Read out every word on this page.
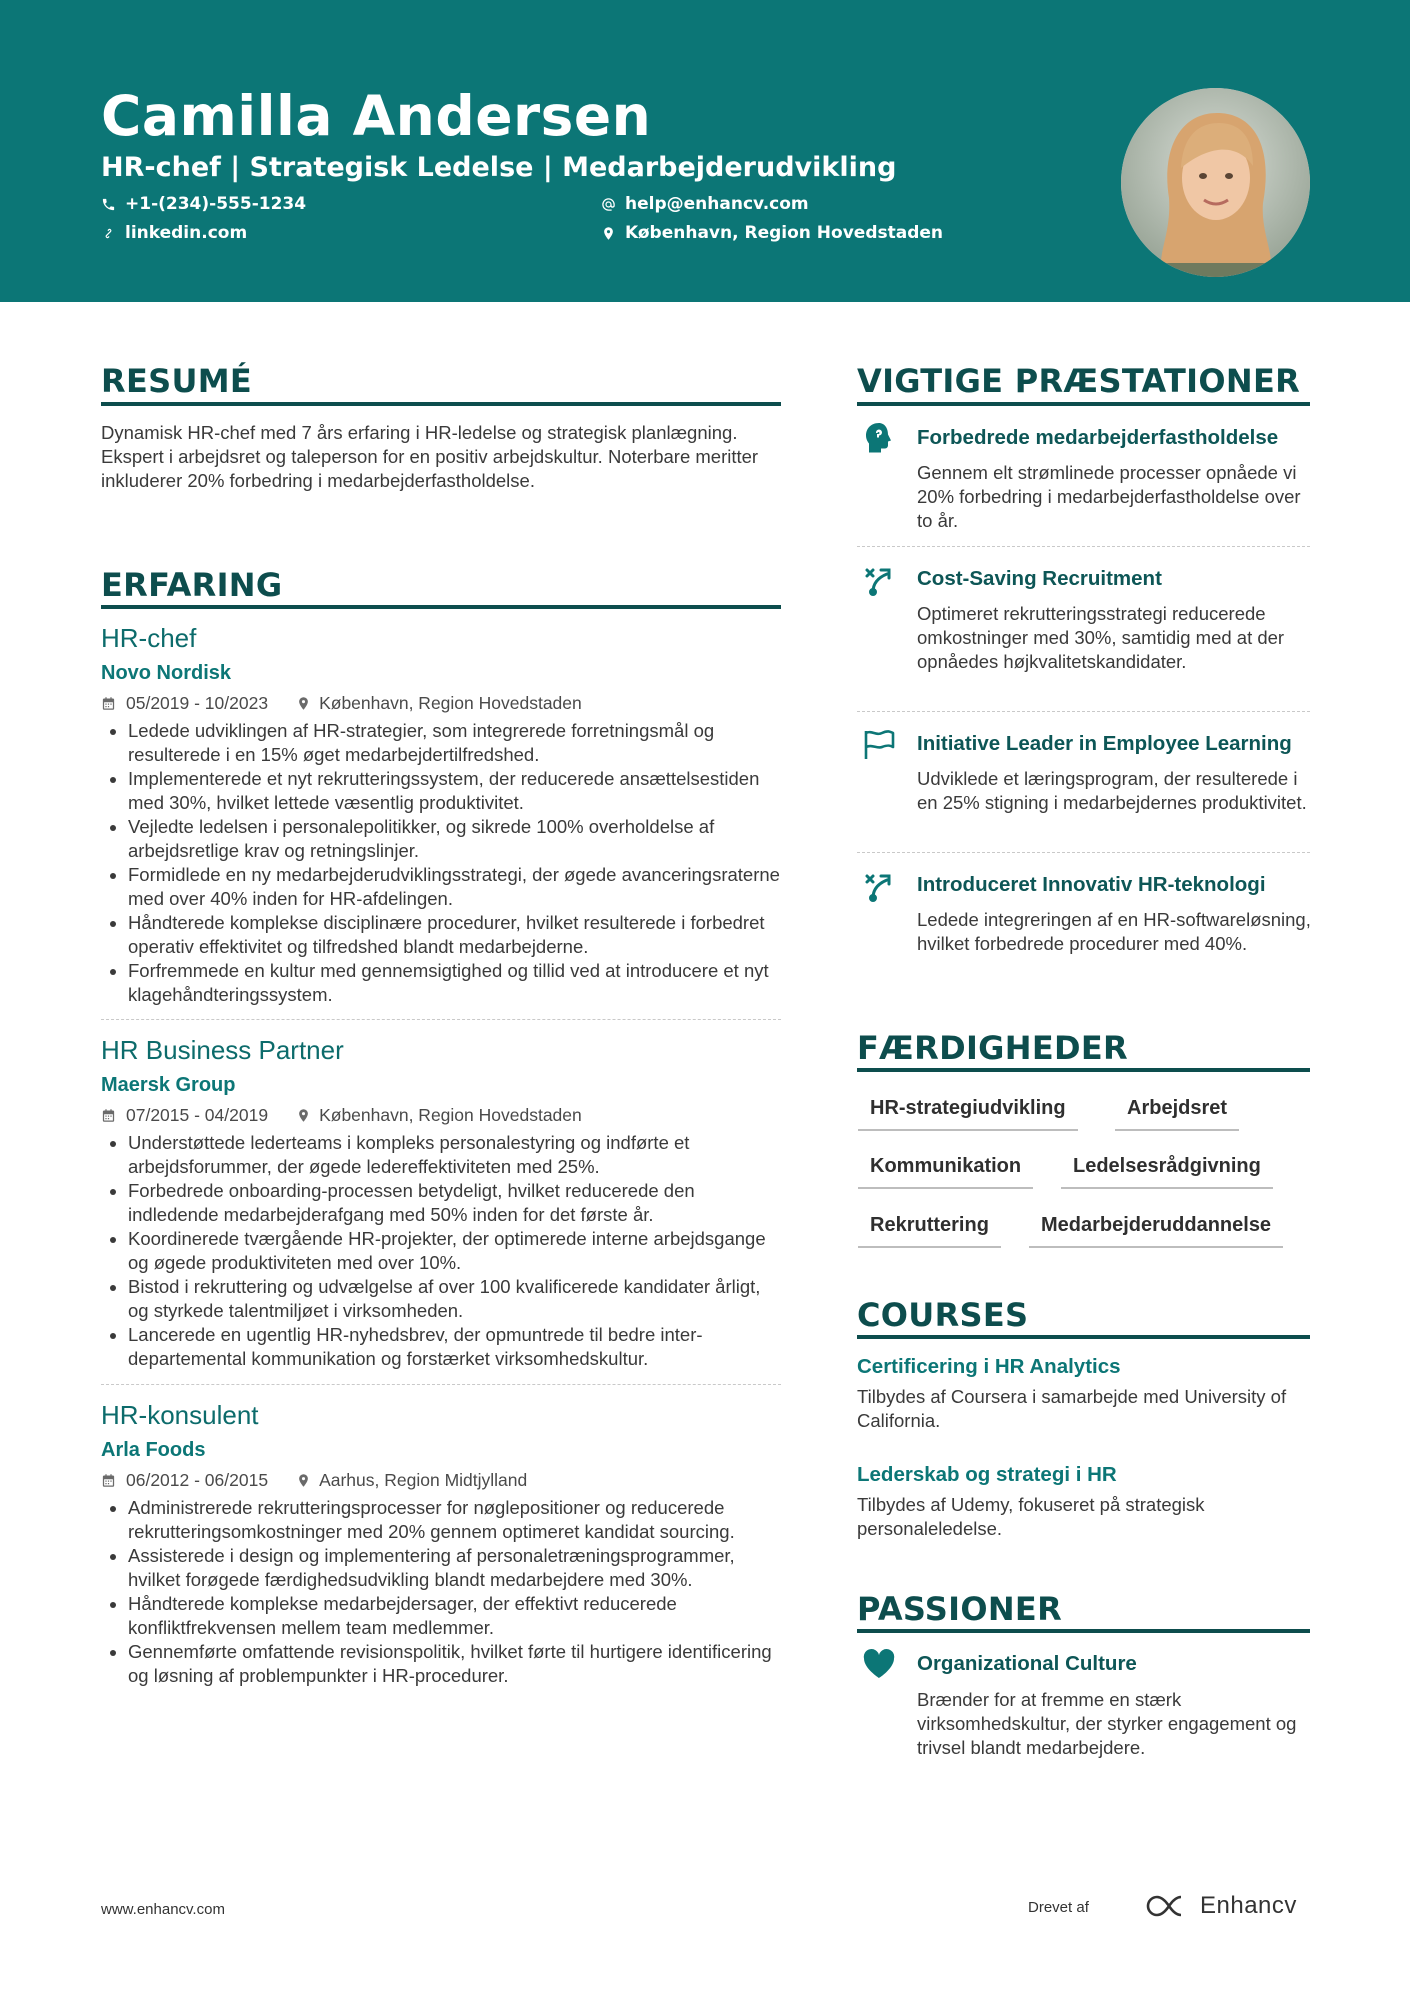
Camilla Andersen
HR-chef | Strategisk Ledelse | Medarbejderudvikling
+1-(234)-555-1234	help@enhancv.com
linkedin.com	København, Region Hovedstaden
RESUMÉ
Dynamisk HR-chef med 7 års erfaring i HR-ledelse og strategisk planlægning. Ekspert i arbejdsret og taleperson for en positiv arbejdskultur. Noterbare meritter inkluderer 20% forbedring i medarbejderfastholdelse.
ERFARING
HR-chef
Novo Nordisk
05/2019 - 10/2023	København, Region Hovedstaden
Ledede udviklingen af HR-strategier, som integrerede forretningsmål og resulterede i en 15% øget medarbejdertilfredshed.
Implementerede et nyt rekrutteringssystem, der reducerede ansættelsestiden med 30%, hvilket lettede væsentlig produktivitet.
Vejledte ledelsen i personalepolitikker, og sikrede 100% overholdelse af arbejdsretlige krav og retningslinjer.
Formidlede en ny medarbejderudviklingsstrategi, der øgede avanceringsraterne med over 40% inden for HR-afdelingen.
Håndterede komplekse disciplinære procedurer, hvilket resulterede i forbedret operativ effektivitet og tilfredshed blandt medarbejderne.
Forfremmede en kultur med gennemsigtighed og tillid ved at introducere et nyt klagehåndteringssystem.
HR Business Partner
Maersk Group
07/2015 - 04/2019	København, Region Hovedstaden
Understøttede lederteams i kompleks personalestyring og indførte et arbejdsforummer, der øgede ledereffektiviteten med 25%.
Forbedrede onboarding-processen betydeligt, hvilket reducerede den indledende medarbejderafgang med 50% inden for det første år.
Koordinerede tværgående HR-projekter, der optimerede interne arbejdsgange og øgede produktiviteten med over 10%.
Bistod i rekruttering og udvælgelse af over 100 kvalificerede kandidater årligt, og styrkede talentmiljøet i virksomheden.
Lancerede en ugentlig HR-nyhedsbrev, der opmuntrede til bedre inter-departemental kommunikation og forstærket virksomhedskultur.
HR-konsulent
Arla Foods
06/2012 - 06/2015	Aarhus, Region Midtjylland
Administrerede rekrutteringsprocesser for nøglepositioner og reducerede rekrutteringsomkostninger med 20% gennem optimeret kandidat sourcing.
Assisterede i design og implementering af personaletræningsprogrammer, hvilket forøgede færdighedsudvikling blandt medarbejdere med 30%.
Håndterede komplekse medarbejdersager, der effektivt reducerede konfliktfrekvensen mellem team medlemmer.
Gennemførte omfattende revisionspolitik, hvilket førte til hurtigere identificering og løsning af problempunkter i HR-procedurer.
VIGTIGE PRÆSTATIONER
Forbedrede medarbejderfastholdelse
Gennem elt strømlinede processer opnåede vi 20% forbedring i medarbejderfastholdelse over to år.
Cost-Saving Recruitment
Optimeret rekrutteringsstrategi reducerede omkostninger med 30%, samtidig med at der opnåedes højkvalitetskandidater.
Initiative Leader in Employee Learning
Udviklede et læringsprogram, der resulterede i en 25% stigning i medarbejdernes produktivitet.
Introduceret Innovativ HR-teknologi
Ledede integreringen af en HR-softwareløsning, hvilket forbedrede procedurer med 40%.
FÆRDIGHEDER
HR-strategiudvikling	Arbejdsret
Kommunikation	Ledelsesrådgivning
Rekruttering	Medarbejderuddannelse
COURSES
Certificering i HR Analytics
Tilbydes af Coursera i samarbejde med University of California.
Lederskab og strategi i HR
Tilbydes af Udemy, fokuseret på strategisk personaleledelse.
PASSIONER
Organizational Culture
Brænder for at fremme en stærk virksomhedskultur, der styrker engagement og trivsel blandt medarbejdere.
www.enhancv.com	Drevet af	Enhancv
